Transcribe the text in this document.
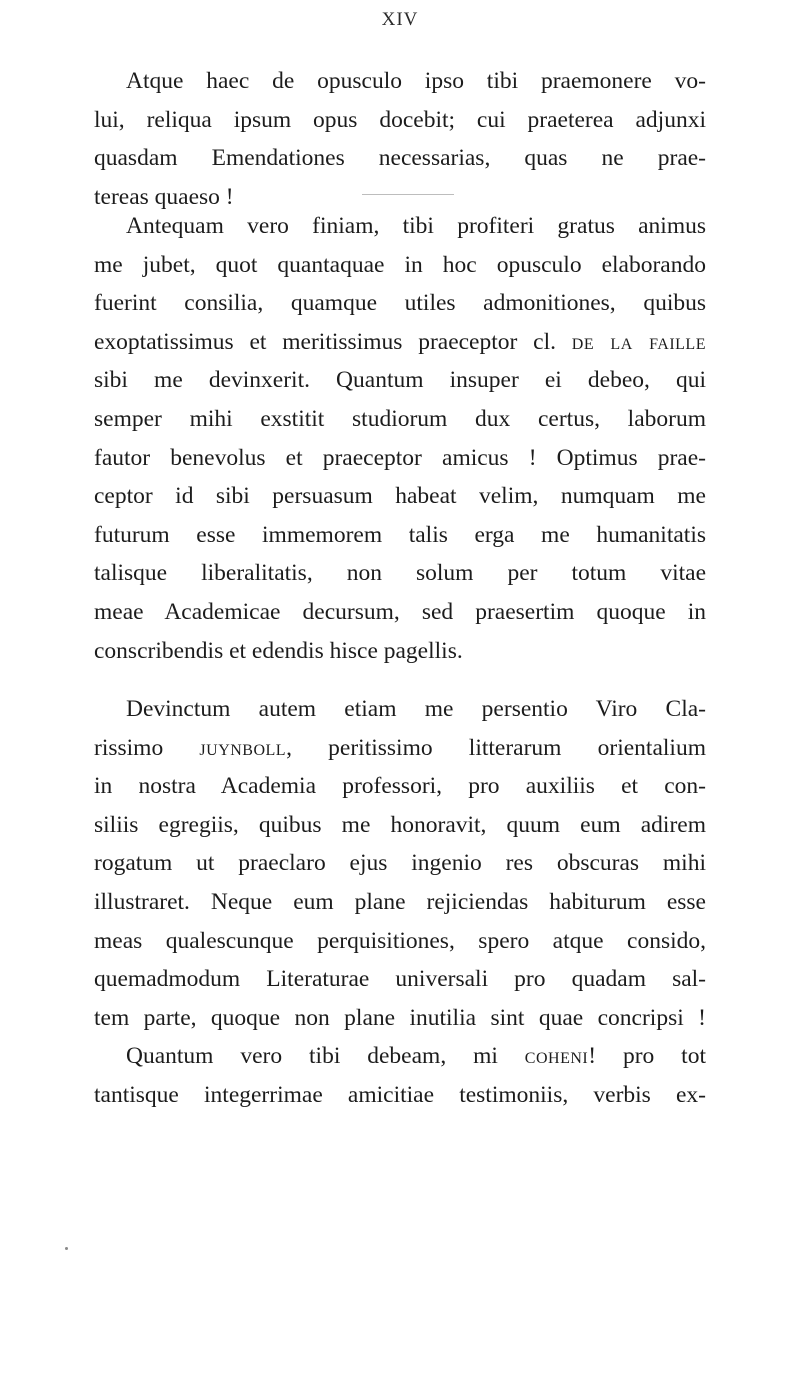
XIV
Atque haec de opusculo ipso tibi praemonere vo-
lui, reliqua ipsum opus docebit; cui praeterea adjunxi
quasdam Emendationes necessarias, quas ne prae-
tereas quaeso !
Antequam vero finiam, tibi profiteri gratus animus
me jubet, quot quantaquae in hoc opusculo elaborando
fuerint consilia, quamque utiles admonitiones, quibus
exoptatissimus et meritissimus praeceptor cl. de la faille
sibi me devinxerit. Quantum insuper ei debeo, qui
semper mihi exstitit studiorum dux certus, laborum
fautor benevolus et praeceptor amicus ! Optimus prae-
ceptor id sibi persuasum habeat velim, numquam me
futurum esse immemorem talis erga me humanitatis
talisque liberalitatis, non solum per totum vitae
meae Academicae decursum, sed praesertim quoque in
conscribendis et edendis hisce pagellis.
Devinctum autem etiam me persentio Viro Cla-
rissimo juynboll, peritissimo litterarum orientalium
in nostra Academia professori, pro auxiliis et con-
siliis egregiis, quibus me honoravit, quum eum adirem
rogatum ut praeclaro ejus ingenio res obscuras mihi
illustraret. Neque eum plane rejiciendas habiturum esse
meas qualescunque perquisitiones, spero atque consido,
quemadmodum Literaturae universali pro quadam sal-
tem parte, quoque non plane inutilia sint quae concripsi !
Quantum vero tibi debeam, mi coheni! pro tot
tantisque integerrimae amicitiae testimoniis, verbis ex-
